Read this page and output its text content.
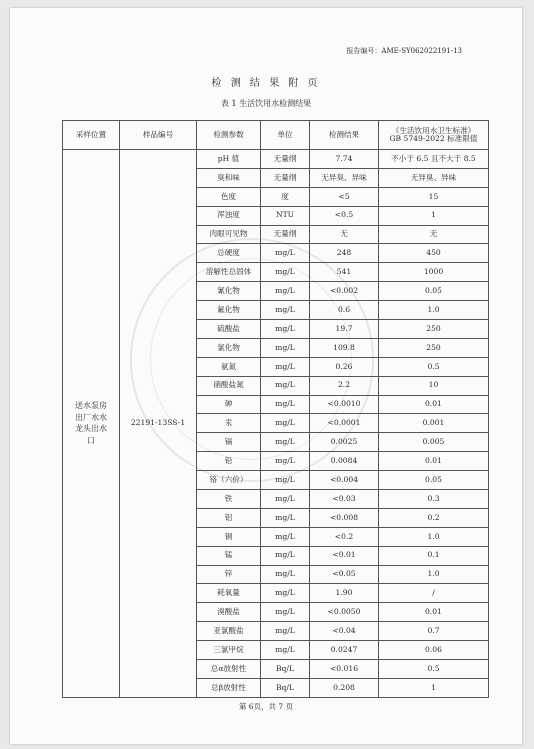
报告编号：AME-SY062022191-13
检 测 结 果 附 页
表 1 生活饮用水检测结果
采样位置	样品编号	检测参数	单位	检测结果	《生活饮用水卫生标准》
GB 5749-2022 标准限值

送水泵房
出厂水水
龙头出水
口	22191-13SS-1	pH 值	无量纲	7.74	不小于 6.5 且不大于 8.5
		臭和味	无量纲	无异臭、异味	无异臭、异味
		色度	度	<5	15
		浑浊度	NTU	<0.5	1
		肉眼可见物	无量纲	无	无
		总硬度	mg/L	248	450
		溶解性总固体	mg/L	541	1000
		氰化物	mg/L	<0.002	0.05
		氟化物	mg/L	0.6	1.0
		硫酸盐	mg/L	19.7	250
		氯化物	mg/L	109.8	250
		氨氮	mg/L	0.26	0.5
		硝酸盐氮	mg/L	2.2	10
		砷	mg/L	<0.0010	0.01
		汞	mg/L	<0.0001	0.001
		镉	mg/L	0.0025	0.005
		铅	mg/L	0.0084	0.01
		铬（六价）	mg/L	<0.004	0.05
		铁	mg/L	<0.03	0.3
		铝	mg/L	<0.008	0.2
		铜	mg/L	<0.2	1.0
		锰	mg/L	<0.01	0.1
		锌	mg/L	<0.05	1.0
		耗氧量	mg/L	1.90	/
		溴酸盐	mg/L	<0.0050	0.01
		亚氯酸盐	mg/L	<0.04	0.7
		三氯甲烷	mg/L	0.0247	0.06
		总α放射性	Bq/L	<0.016	0.5
		总β放射性	Bq/L	0.208	1
第 6页，共 7 页
